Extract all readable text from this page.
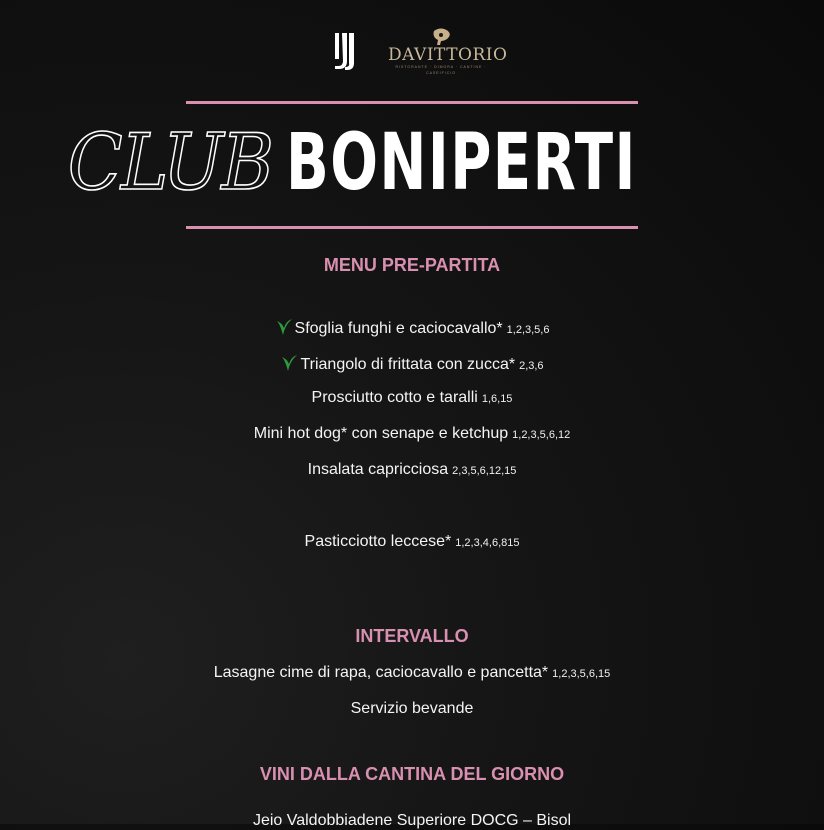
DAVITTORIO
RISTORANTE · DIMORA · CANTINE · CASEIFICIO
CLUB BONIPERTI
MENU PRE-PARTITA
Sfoglia funghi e caciocavallo* 1,2,3,5,6
Triangolo di frittata con zucca* 2,3,6
Prosciutto cotto e taralli 1,6,15
Mini hot dog* con senape e ketchup 1,2,3,5,6,12
Insalata capricciosa 2,3,5,6,12,15
Pasticciotto leccese* 1,2,3,4,6,815
INTERVALLO
Lasagne cime di rapa, caciocavallo e pancetta* 1,2,3,5,6,15
Servizio bevande
VINI DALLA CANTINA DEL GIORNO
Jeio Valdobbiadene Superiore DOCG – Bisol
